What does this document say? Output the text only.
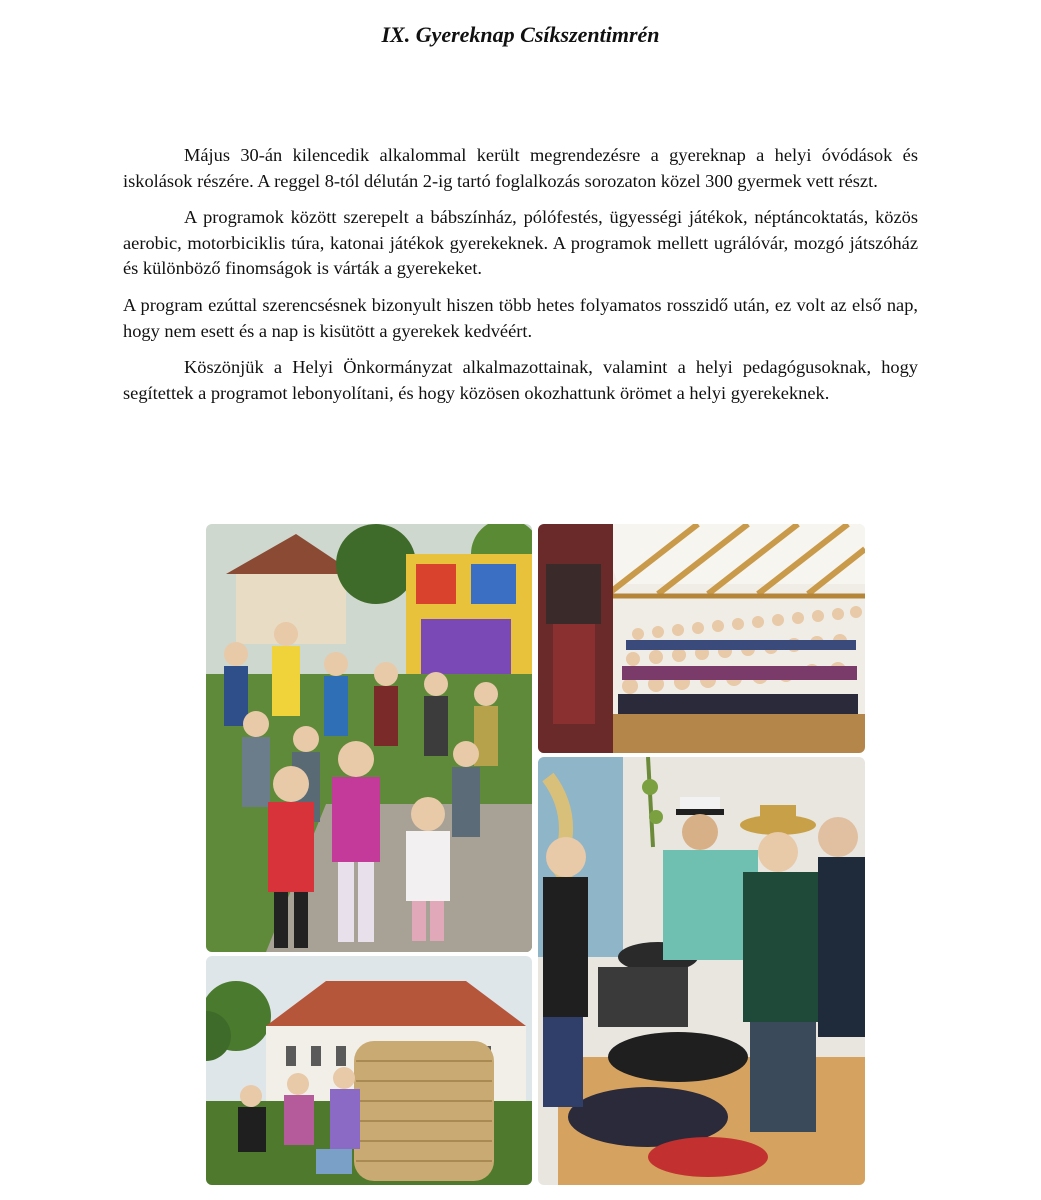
IX. Gyereknap Csíkszentimrén

Május 30-án kilencedik alkalommal került megrendezésre a gyereknap a helyi óvódások és iskolások részére. A reggel 8-tól délután 2-ig tartó foglalkozás sorozaton közel 300 gyermek vett részt.

A programok között szerepelt a bábszínház, pólófestés, ügyességi játékok, néptáncoktatás, közös aerobic, motorbiciklis túra, katonai játékok gyerekeknek. A programok mellett ugrálóvár, mozgó játszóház és különböző finomságok is várták a gyerekeket.

A program ezúttal szerencsésnek bizonyult hiszen több hetes folyamatos rosszidő után, ez volt az első nap, hogy nem esett és a nap is kisütött a gyerekek kedvéért.

Köszönjük a Helyi Önkormányzat alkalmazottainak, valamint a helyi pedagógusoknak, hogy segítettek a programot lebonyolítani, és hogy közösen okozhattunk örömet a helyi gyerekeknek.
